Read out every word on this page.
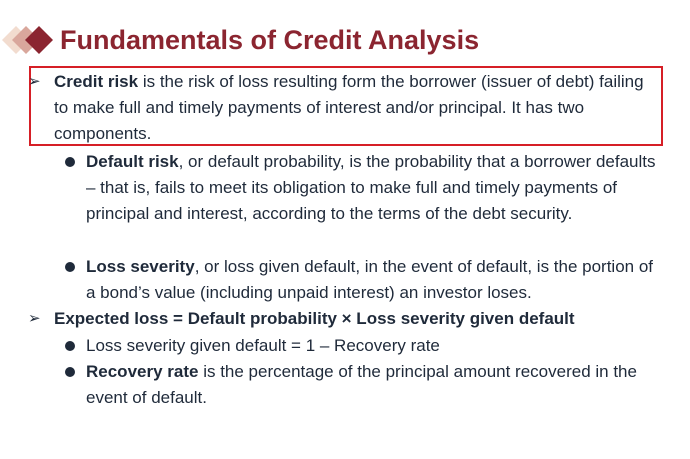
Fundamentals of Credit Analysis
➢ Credit risk is the risk of loss resulting form the borrower (issuer of debt) failing to make full and timely payments of interest and/or principal. It has two components.

Default risk, or default probability, is the probability that a borrower defaults – that is, fails to meet its obligation to make full and timely payments of principal and interest, according to the terms of the debt security.

Loss severity, or loss given default, in the event of default, is the portion of a bond’s value (including unpaid interest) an investor loses.

➢ Expected loss = Default probability × Loss severity given default

Loss severity given default = 1 – Recovery rate

Recovery rate is the percentage of the principal amount recovered in the event of default.
